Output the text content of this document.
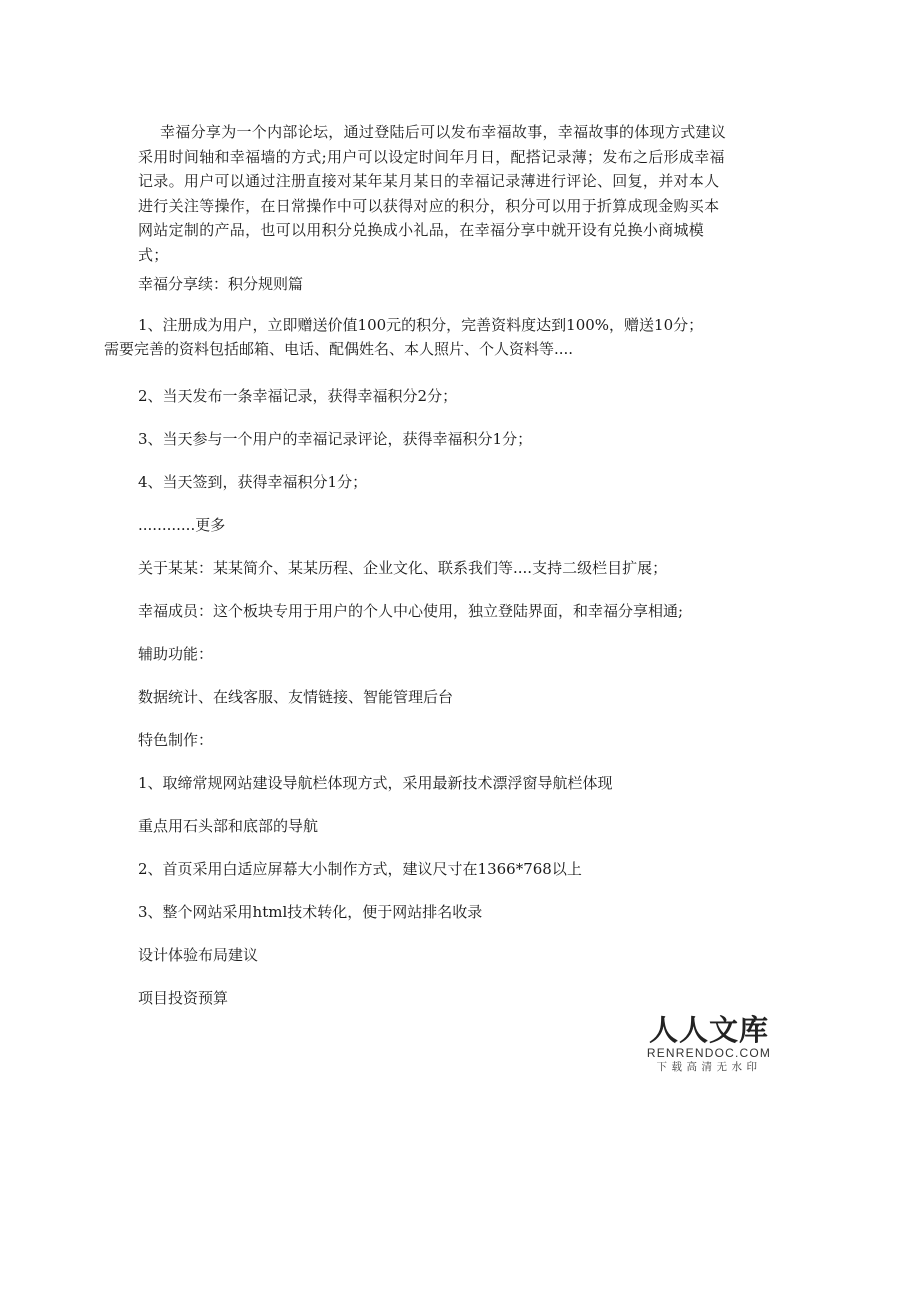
幸福分享为一个内部论坛，通过登陆后可以发布幸福故事，幸福故事的体现方式建议采用时间轴和幸福墙的方式;用户可以设定时间年月日，配搭记录薄；发布之后形成幸福记录。用户可以通过注册直接对某年某月某日的幸福记录薄进行评论、回复，并对本人进行关注等操作，在日常操作中可以获得对应的积分，积分可以用于折算成现金购买本网站定制的产品，也可以用积分兑换成小礼品，在幸福分享中就开设有兑换小商城模式；

幸福分享续：积分规则篇

1、注册成为用户，立即赠送价值100元的积分，完善资料度达到100%，赠送10分；
需要完善的资料包括邮箱、电话、配偶姓名、本人照片、个人资料等....

2、当天发布一条幸福记录，获得幸福积分2分；

3、当天参与一个用户的幸福记录评论，获得幸福积分1分；

4、当天签到，获得幸福积分1分；

............更多

关于某某：某某简介、某某历程、企业文化、联系我们等....支持二级栏目扩展；

幸福成员：这个板块专用于用户的个人中心使用，独立登陆界面，和幸福分享相通;

辅助功能：

数据统计、在线客服、友情链接、智能管理后台

特色制作：

1、取缔常规网站建设导航栏体现方式，采用最新技术漂浮窗导航栏体现

重点用石头部和底部的导航

2、首页采用白适应屏幕大小制作方式，建议尺寸在1366*768以上

3、整个网站采用html技术转化，便于网站排名收录

设计体验布局建议

项目投资预算

人人文库
RENRENDOC.COM
下载高清无水印
